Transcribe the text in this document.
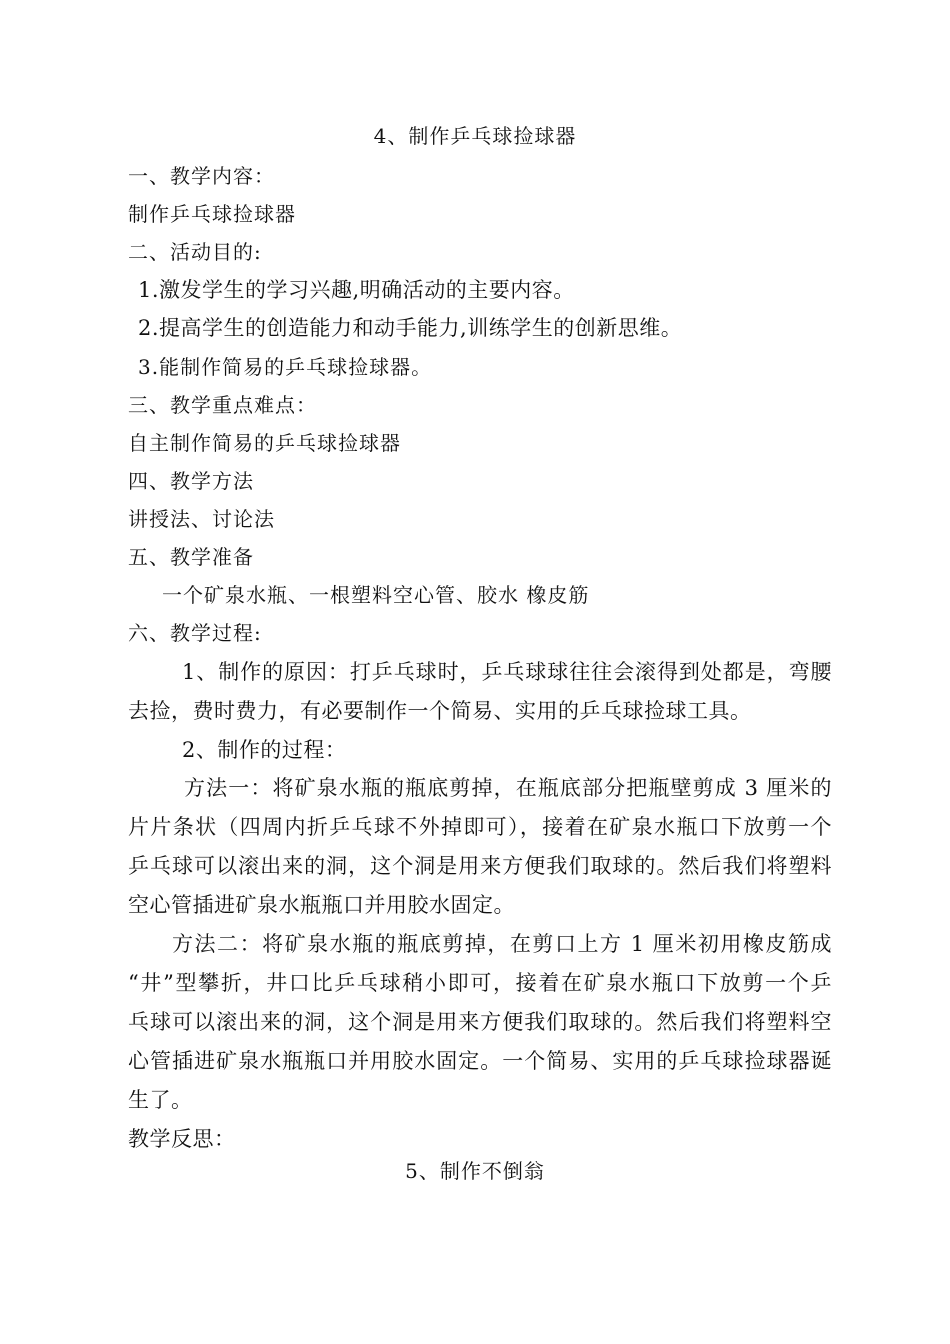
4、制作乒乓球捡球器
一、教学内容：
制作乒乓球捡球器
二、活动目的:
1.激发学生的学习兴趣,明确活动的主要内容。
2.提高学生的创造能力和动手能力,训练学生的创新思维。
3.能制作简易的乒乓球捡球器。
三、教学重点难点：
自主制作简易的乒乓球捡球器
四、教学方法
讲授法、讨论法
五、教学准备
一个矿泉水瓶、一根塑料空心管、胶水 橡皮筋
六、教学过程:
1、制作的原因：打乒乓球时，乒乓球球往往会滚得到处都是，弯腰
去捡，费时费力，有必要制作一个简易、实用的乒乓球捡球工具。
2、制作的过程：
方法一：将矿泉水瓶的瓶底剪掉，在瓶底部分把瓶壁剪成 3 厘米的
片片条状（四周内折乒乓球不外掉即可），接着在矿泉水瓶口下放剪一个
乒乓球可以滚出来的洞，这个洞是用来方便我们取球的。然后我们将塑料
空心管插进矿泉水瓶瓶口并用胶水固定。
方法二：将矿泉水瓶的瓶底剪掉，在剪口上方 1 厘米初用橡皮筋成
“井”型攀折，井口比乒乓球稍小即可，接着在矿泉水瓶口下放剪一个乒
乓球可以滚出来的洞，这个洞是用来方便我们取球的。然后我们将塑料空
心管插进矿泉水瓶瓶口并用胶水固定。一个简易、实用的乒乓球捡球器诞
生了。
教学反思：
5、制作不倒翁
